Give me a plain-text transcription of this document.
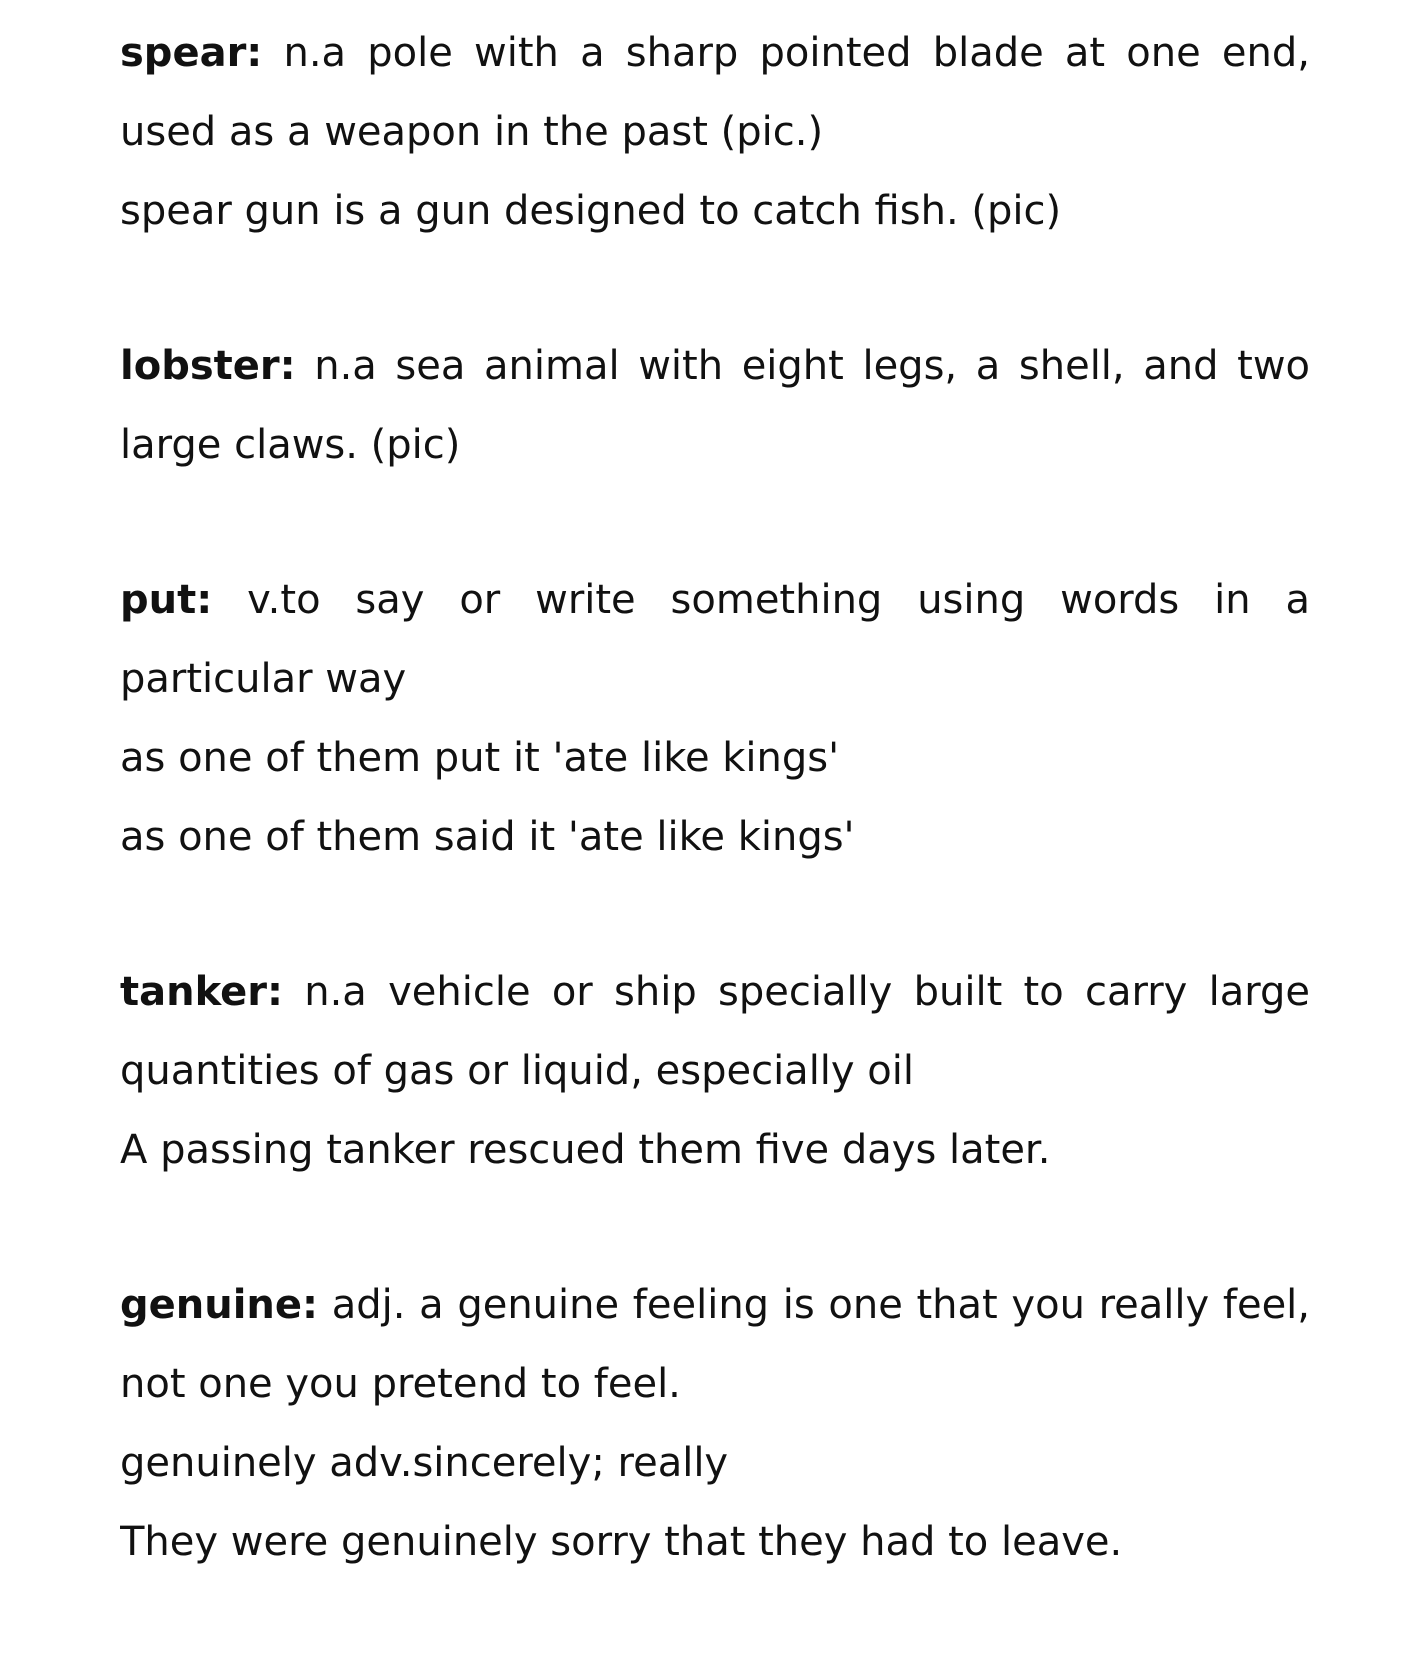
spear: n.a pole with a sharp pointed blade at one end,
used as a weapon in the past (pic.)
spear gun is a gun designed to catch fish. (pic)
lobster: n.a sea animal with eight legs, a shell, and two
large claws. (pic)
put: v.to say or write something using words in a
particular way
as one of them put it 'ate like kings'
as one of them said it 'ate like kings'
tanker: n.a vehicle or ship specially built to carry large
quantities of gas or liquid, especially oil
A passing tanker rescued them five days later.
genuine: adj. a genuine feeling is one that you really feel,
not one you pretend to feel.
genuinely adv.sincerely; really
They were genuinely sorry that they had to leave.
